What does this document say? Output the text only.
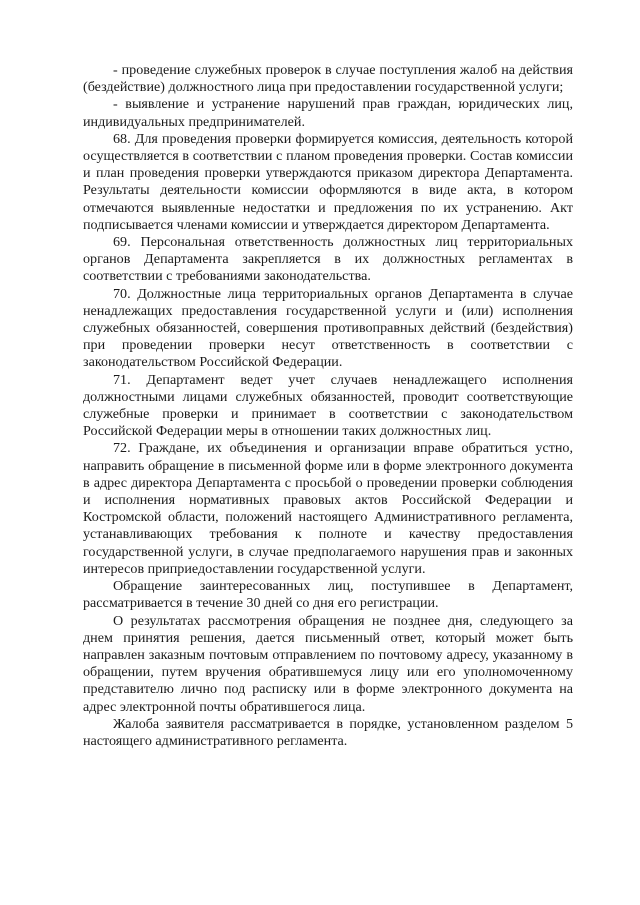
- проведение служебных проверок в случае поступления жалоб на действия (бездействие) должностного лица при предоставлении государственной услуги;

- выявление и устранение нарушений прав граждан, юридических лиц, индивидуальных предпринимателей.

68. Для проведения проверки формируется комиссия, деятельность которой осуществляется в соответствии с планом проведения проверки. Состав комиссии и план проведения проверки утверждаются приказом директора Департамента. Результаты деятельности комиссии оформляются в виде акта, в котором отмечаются выявленные недостатки и предложения по их устранению. Акт подписывается членами комиссии и утверждается директором Департамента.

69. Персональная ответственность должностных лиц территориальных органов Департамента закрепляется в их должностных регламентах в соответствии с требованиями законодательства.

70. Должностные лица территориальных органов Департамента в случае ненадлежащих предоставления государственной услуги и (или) исполнения служебных обязанностей, совершения противоправных действий (бездействия) при проведении проверки несут ответственность в соответствии с законодательством Российской Федерации.

71. Департамент ведет учет случаев ненадлежащего исполнения должностными лицами служебных обязанностей, проводит соответствующие служебные проверки и принимает в соответствии с законодательством Российской Федерации меры в отношении таких должностных лиц.

72. Граждане, их объединения и организации вправе обратиться устно, направить обращение в письменной форме или в форме электронного документа в адрес директора Департамента с просьбой о проведении проверки соблюдения и исполнения нормативных правовых актов Российской Федерации и Костромской области, положений настоящего Административного регламента, устанавливающих требования к полноте и качеству предоставления государственной услуги, в случае предполагаемого нарушения прав и законных интересов приприедоставлении государственной услуги.

Обращение заинтересованных лиц, поступившее в Департамент, рассматривается в течение 30 дней со дня его регистрации.

О результатах рассмотрения обращения не позднее дня, следующего за днем принятия решения, дается письменный ответ, который может быть направлен заказным почтовым отправлением по почтовому адресу, указанному в обращении, путем вручения обратившемуся лицу или его уполномоченному представителю лично под расписку или в форме электронного документа на адрес электронной почты обратившегося лица.

Жалоба заявителя рассматривается в порядке, установленном разделом 5 настоящего административного регламента.
